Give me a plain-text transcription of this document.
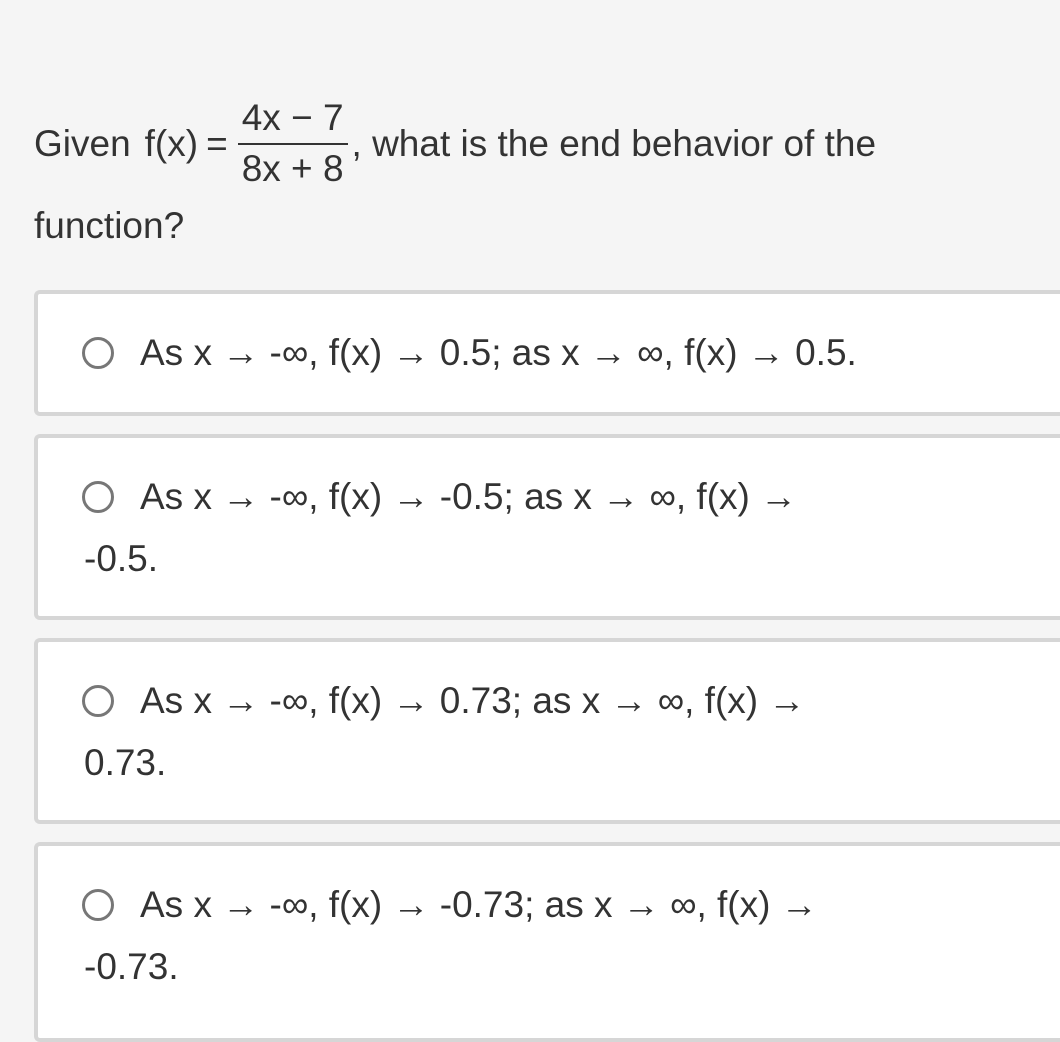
Given $f(x) = \frac{4x - 7}{8x + 8}$ , what is the end behavior of the
function?
As x → -∞, f(x) → 0.5; as x → ∞, f(x) → 0.5.
As x → -∞, f(x) → -0.5; as x → ∞, f(x) →
-0.5.
As x → -∞, f(x) → 0.73; as x → ∞, f(x) →
0.73.
As x → -∞, f(x) → -0.73; as x → ∞, f(x) →
-0.73.
